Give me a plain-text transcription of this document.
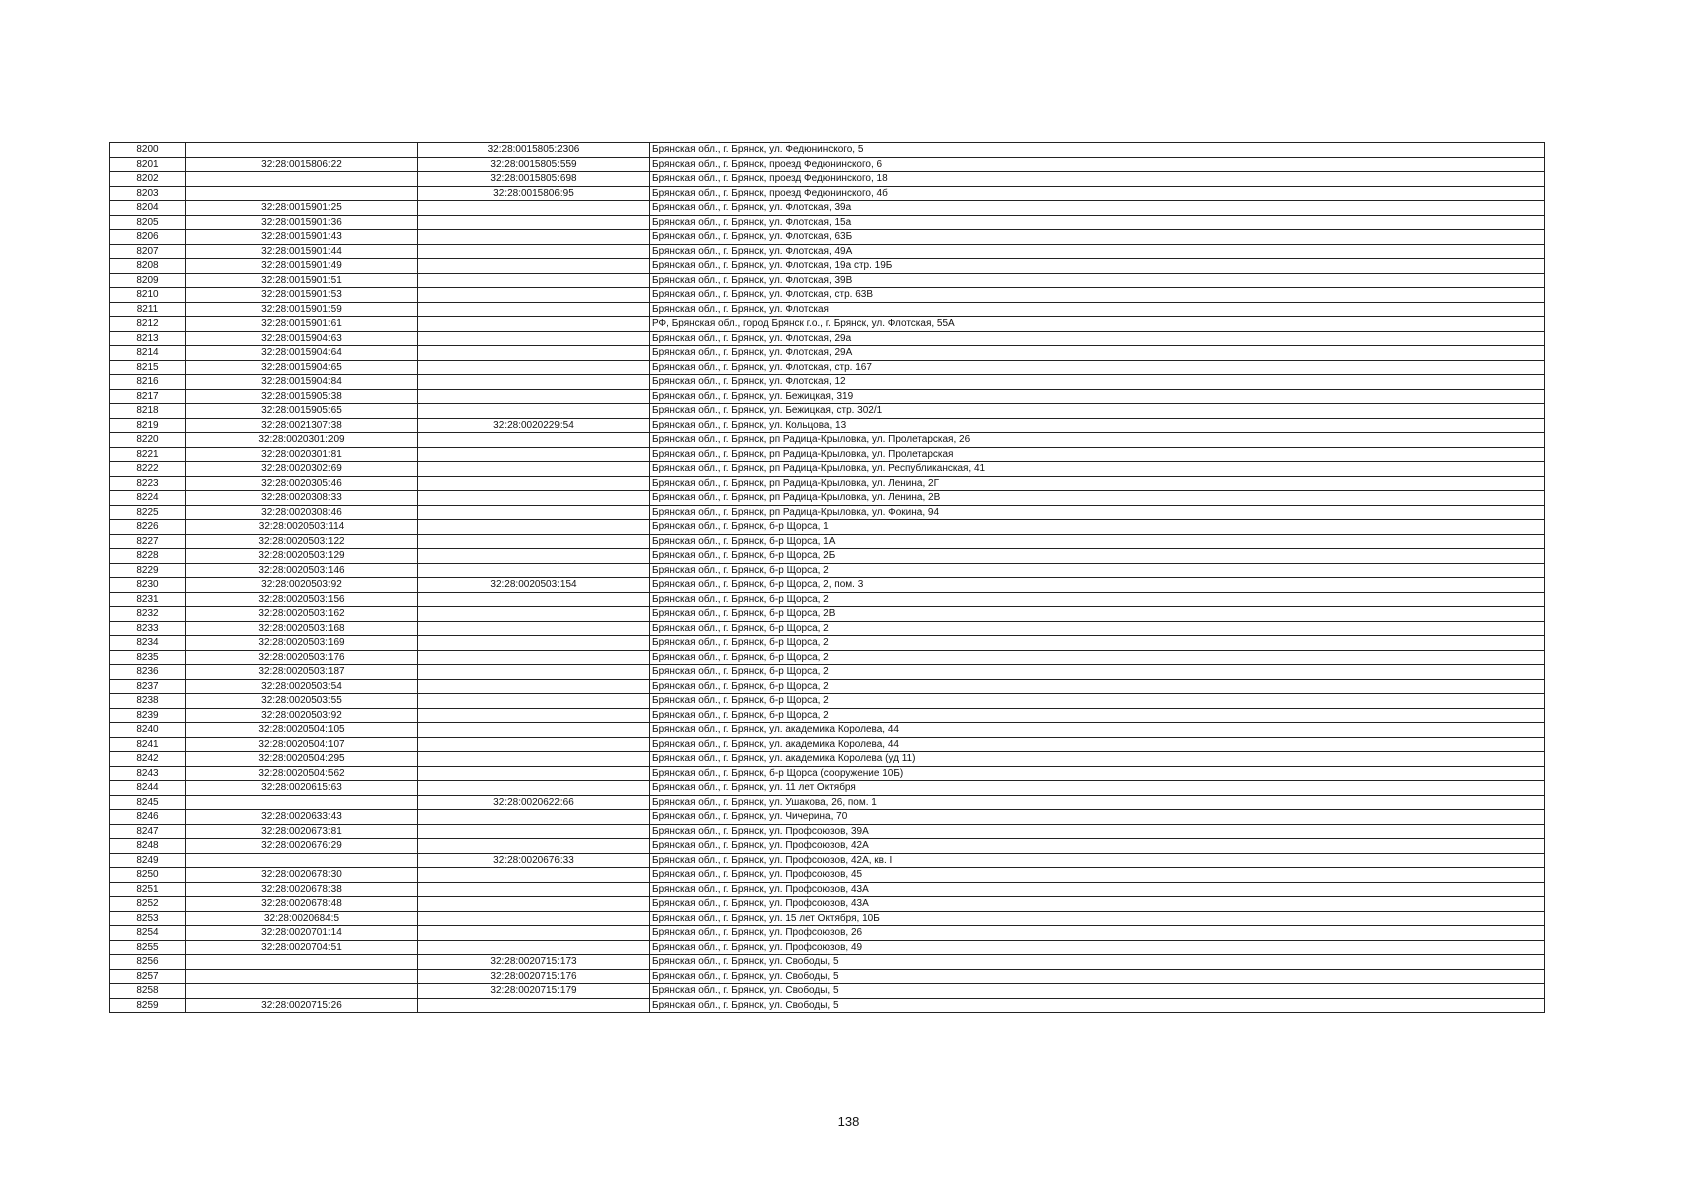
8200		32:28:0015805:2306	Брянская обл., г. Брянск, ул. Федюнинского, 5
8201	32:28:0015806:22	32:28:0015805:559	Брянская обл., г. Брянск, проезд Федюнинского, 6
8202		32:28:0015805:698	Брянская обл., г. Брянск, проезд Федюнинского, 18
8203		32:28:0015806:95	Брянская обл., г. Брянск, проезд Федюнинского, 4б
8204	32:28:0015901:25		Брянская обл., г. Брянск, ул. Флотская, 39а
8205	32:28:0015901:36		Брянская обл., г. Брянск, ул. Флотская, 15а
8206	32:28:0015901:43		Брянская обл., г. Брянск, ул. Флотская, 63Б
8207	32:28:0015901:44		Брянская обл., г. Брянск, ул. Флотская, 49А
8208	32:28:0015901:49		Брянская обл., г. Брянск, ул. Флотская, 19а стр. 19Б
8209	32:28:0015901:51		Брянская обл., г. Брянск, ул. Флотская, 39В
8210	32:28:0015901:53		Брянская обл., г. Брянск, ул. Флотская, стр. 63В
8211	32:28:0015901:59		Брянская обл., г. Брянск, ул. Флотская
8212	32:28:0015901:61		РФ, Брянская обл., город Брянск г.о., г. Брянск, ул. Флотская, 55А
8213	32:28:0015904:63		Брянская обл., г. Брянск, ул. Флотская, 29а
8214	32:28:0015904:64		Брянская обл., г. Брянск, ул. Флотская, 29А
8215	32:28:0015904:65		Брянская обл., г. Брянск, ул. Флотская, стр. 167
8216	32:28:0015904:84		Брянская обл., г. Брянск, ул. Флотская, 12
8217	32:28:0015905:38		Брянская обл., г. Брянск, ул. Бежицкая, 319
8218	32:28:0015905:65		Брянская обл., г. Брянск, ул. Бежицкая, стр. 302/1
8219	32:28:0021307:38	32:28:0020229:54	Брянская обл., г. Брянск, ул. Кольцова, 13
8220	32:28:0020301:209		Брянская обл., г. Брянск, рп Радица-Крыловка, ул. Пролетарская, 26
8221	32:28:0020301:81		Брянская обл., г. Брянск, рп Радица-Крыловка, ул. Пролетарская
8222	32:28:0020302:69		Брянская обл., г. Брянск, рп Радица-Крыловка, ул. Республиканская, 41
8223	32:28:0020305:46		Брянская обл., г. Брянск, рп Радица-Крыловка, ул. Ленина, 2Г
8224	32:28:0020308:33		Брянская обл., г. Брянск, рп Радица-Крыловка, ул. Ленина, 2В
8225	32:28:0020308:46		Брянская обл., г. Брянск, рп Радица-Крыловка, ул. Фокина, 94
8226	32:28:0020503:114		Брянская обл., г. Брянск, б-р Щорса, 1
8227	32:28:0020503:122		Брянская обл., г. Брянск, б-р Щорса, 1А
8228	32:28:0020503:129		Брянская обл., г. Брянск, б-р Щорса, 2Б
8229	32:28:0020503:146		Брянская обл., г. Брянск, б-р Щорса, 2
8230	32:28:0020503:92	32:28:0020503:154	Брянская обл., г. Брянск, б-р Щорса, 2, пом. 3
8231	32:28:0020503:156		Брянская обл., г. Брянск, б-р Щорса, 2
8232	32:28:0020503:162		Брянская обл., г. Брянск, б-р Щорса, 2В
8233	32:28:0020503:168		Брянская обл., г. Брянск, б-р Щорса, 2
8234	32:28:0020503:169		Брянская обл., г. Брянск, б-р Щорса, 2
8235	32:28:0020503:176		Брянская обл., г. Брянск, б-р Щорса, 2
8236	32:28:0020503:187		Брянская обл., г. Брянск, б-р Щорса, 2
8237	32:28:0020503:54		Брянская обл., г. Брянск, б-р Щорса, 2
8238	32:28:0020503:55		Брянская обл., г. Брянск, б-р Щорса, 2
8239	32:28:0020503:92		Брянская обл., г. Брянск, б-р Щорса, 2
8240	32:28:0020504:105		Брянская обл., г. Брянск, ул. академика Королева, 44
8241	32:28:0020504:107		Брянская обл., г. Брянск, ул. академика Королева, 44
8242	32:28:0020504:295		Брянская обл., г. Брянск, ул. академика Королева (уд 11)
8243	32:28:0020504:562		Брянская обл., г. Брянск, б-р Щорса (сооружение 10Б)
8244	32:28:0020615:63		Брянская обл., г. Брянск, ул. 11 лет Октября
8245		32:28:0020622:66	Брянская обл., г. Брянск, ул. Ушакова, 26, пом. 1
8246	32:28:0020633:43		Брянская обл., г. Брянск, ул. Чичерина, 70
8247	32:28:0020673:81		Брянская обл., г. Брянск, ул. Профсоюзов, 39А
8248	32:28:0020676:29		Брянская обл., г. Брянск, ул. Профсоюзов, 42А
8249		32:28:0020676:33	Брянская обл., г. Брянск, ул. Профсоюзов, 42А, кв. I
8250	32:28:0020678:30		Брянская обл., г. Брянск, ул. Профсоюзов, 45
8251	32:28:0020678:38		Брянская обл., г. Брянск, ул. Профсоюзов, 43А
8252	32:28:0020678:48		Брянская обл., г. Брянск, ул. Профсоюзов, 43А
8253	32:28:0020684:5		Брянская обл., г. Брянск, ул. 15 лет Октября, 10Б
8254	32:28:0020701:14		Брянская обл., г. Брянск, ул. Профсоюзов, 26
8255	32:28:0020704:51		Брянская обл., г. Брянск, ул. Профсоюзов, 49
8256		32:28:0020715:173	Брянская обл., г. Брянск, ул. Свободы, 5
8257		32:28:0020715:176	Брянская обл., г. Брянск, ул. Свободы, 5
8258		32:28:0020715:179	Брянская обл., г. Брянск, ул. Свободы, 5
8259	32:28:0020715:26		Брянская обл., г. Брянск, ул. Свободы, 5
138
